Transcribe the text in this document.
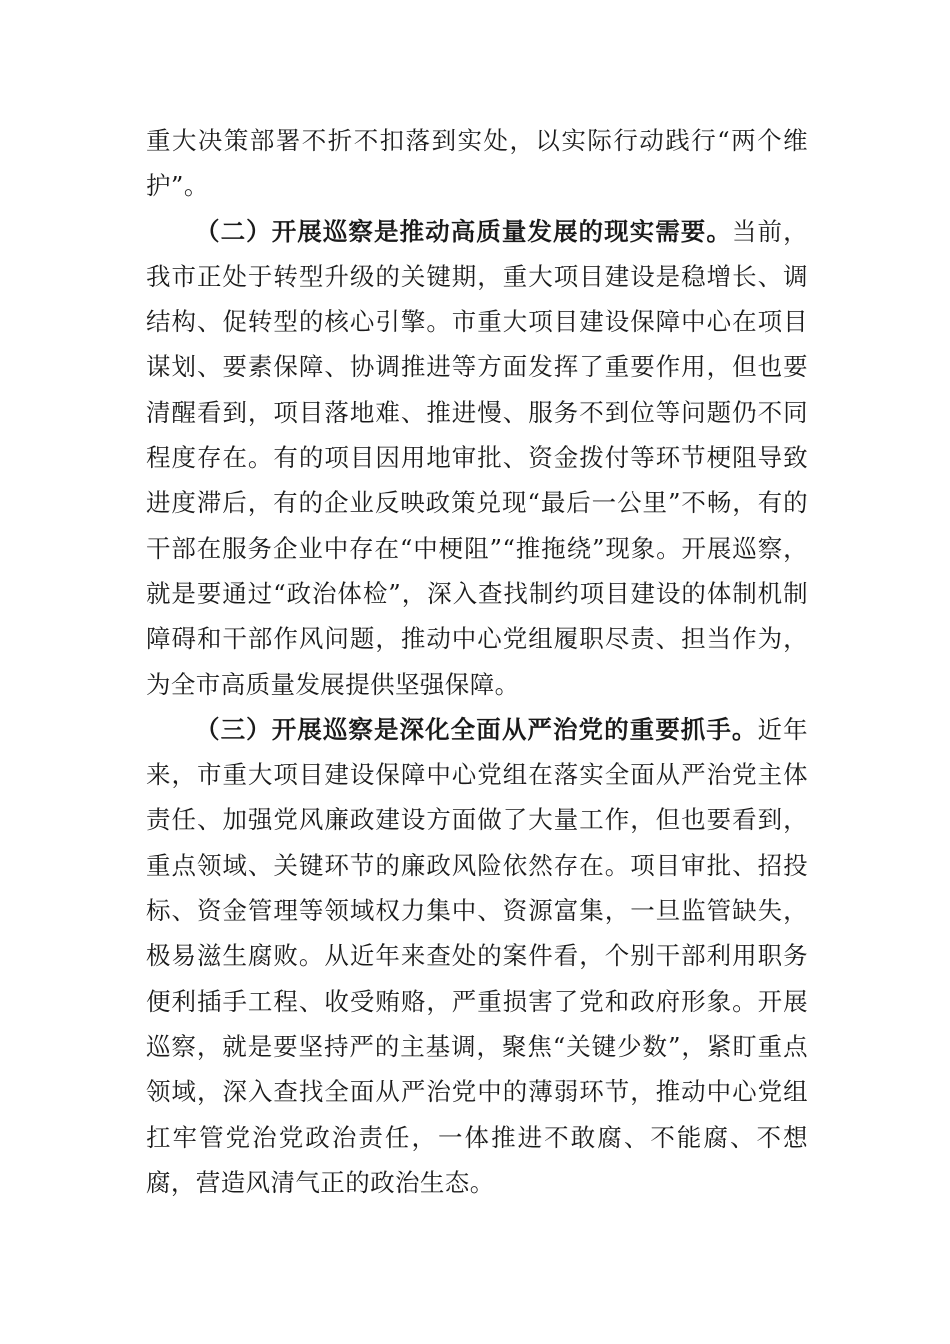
重大决策部署不折不扣落到实处，以实际行动践行“两个维护”。

（二）开展巡察是推动高质量发展的现实需要。当前，我市正处于转型升级的关键期，重大项目建设是稳增长、调结构、促转型的核心引擎。市重大项目建设保障中心在项目谋划、要素保障、协调推进等方面发挥了重要作用，但也要清醒看到，项目落地难、推进慢、服务不到位等问题仍不同程度存在。有的项目因用地审批、资金拨付等环节梗阻导致进度滞后，有的企业反映政策兑现“最后一公里”不畅，有的干部在服务企业中存在“中梗阻”“推拖绕”现象。开展巡察，就是要通过“政治体检”，深入查找制约项目建设的体制机制障碍和干部作风问题，推动中心党组履职尽责、担当作为，为全市高质量发展提供坚强保障。

（三）开展巡察是深化全面从严治党的重要抓手。近年来，市重大项目建设保障中心党组在落实全面从严治党主体责任、加强党风廉政建设方面做了大量工作，但也要看到，重点领域、关键环节的廉政风险依然存在。项目审批、招投标、资金管理等领域权力集中、资源富集，一旦监管缺失，极易滋生腐败。从近年来查处的案件看，个别干部利用职务便利插手工程、收受贿赂，严重损害了党和政府形象。开展巡察，就是要坚持严的主基调，聚焦“关键少数”，紧盯重点领域，深入查找全面从严治党中的薄弱环节，推动中心党组扛牢管党治党政治责任，一体推进不敢腐、不能腐、不想腐，营造风清气正的政治生态。
